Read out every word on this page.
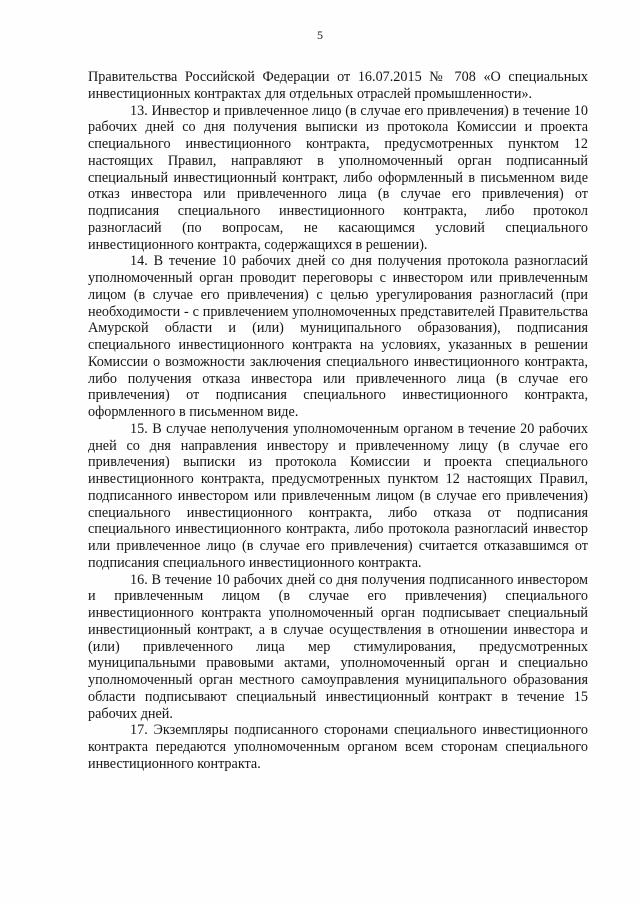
5

Правительства Российской Федерации от 16.07.2015 № 708 «О специальных инвестиционных контрактах для отдельных отраслей промышленности».

13. Инвестор и привлеченное лицо (в случае его привлечения) в течение 10 рабочих дней со дня получения выписки из протокола Комиссии и проекта специального инвестиционного контракта, предусмотренных пунктом 12 настоящих Правил, направляют в уполномоченный орган подписанный специальный инвестиционный контракт, либо оформленный в письменном виде отказ инвестора или привлеченного лица (в случае его привлечения) от подписания специального инвестиционного контракта, либо протокол разногласий (по вопросам, не касающимся условий специального инвестиционного контракта, содержащихся в решении).

14. В течение 10 рабочих дней со дня получения протокола разногласий уполномоченный орган проводит переговоры с инвестором или привлеченным лицом (в случае его привлечения) с целью урегулирования разногласий (при необходимости - с привлечением уполномоченных представителей Правительства Амурской области и (или) муниципального образования), подписания специального инвестиционного контракта на условиях, указанных в решении Комиссии о возможности заключения специального инвестиционного контракта, либо получения отказа инвестора или привлеченного лица (в случае его привлечения) от подписания специального инвестиционного контракта, оформленного в письменном виде.

15. В случае неполучения уполномоченным органом в течение 20 рабочих дней со дня направления инвестору и привлеченному лицу (в случае его привлечения) выписки из протокола Комиссии и проекта специального инвестиционного контракта, предусмотренных пунктом 12 настоящих Правил, подписанного инвестором или привлеченным лицом (в случае его привлечения) специального инвестиционного контракта, либо отказа от подписания специального инвестиционного контракта, либо протокола разногласий инвестор или привлеченное лицо (в случае его привлечения) считается отказавшимся от подписания специального инвестиционного контракта.

16. В течение 10 рабочих дней со дня получения подписанного инвестором и привлеченным лицом (в случае его привлечения) специального инвестиционного контракта уполномоченный орган подписывает специальный инвестиционный контракт, а в случае осуществления в отношении инвестора и (или) привлеченного лица мер стимулирования, предусмотренных муниципальными правовыми актами, уполномоченный орган и специально уполномоченный орган местного самоуправления муниципального образования области подписывают специальный инвестиционный контракт в течение 15 рабочих дней.

17. Экземпляры подписанного сторонами специального инвестиционного контракта передаются уполномоченным органом всем сторонам специального инвестиционного контракта.
